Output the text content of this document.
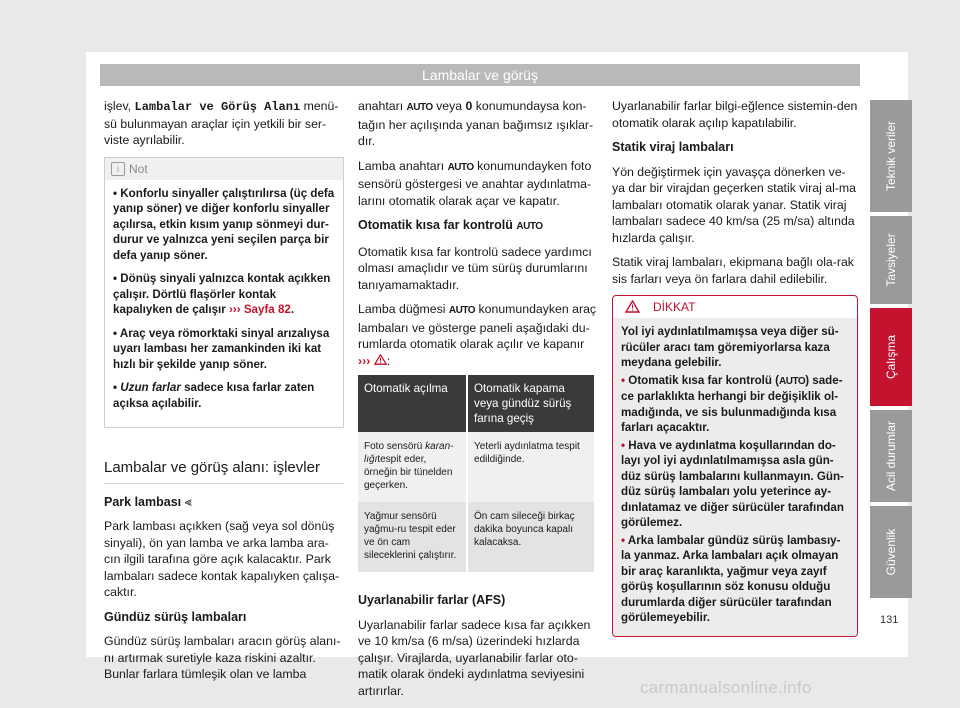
Lambalar ve görüş

işlev, Lambalar ve Görüş Alanı menü-sü bulunmayan araçlar için yetkili bir ser-viste ayrılabilir.

i Not

• Konforlu sinyaller çalıştırılırsa (üç defa yanıp söner) ve diğer konforlu sinyaller açılırsa, etkin kısım yanıp sönmeyi dur-durur ve yalnızca yeni seçilen parça bir defa yanıp söner.

• Dönüş sinyali yalnızca kontak açıkken çalışır. Dörtlü flaşörler kontak kapalıyken de çalışır ››› Sayfa 82.

• Araç veya römorktaki sinyal arızalıysa uyarı lambası her zamankinden iki kat hızlı bir şekilde yanıp söner.

• Uzun farlar sadece kısa farlar zaten açıksa açılabilir.

Lambalar ve görüş alanı: işlevler

Park lambası ⫷

Park lambası açıkken (sağ veya sol dönüş sinyali), ön yan lamba ve arka lamba ara-cın ilgili tarafına göre açık kalacaktır. Park lambaları sadece kontak kapalıyken çalışa-caktır.

Gündüz sürüş lambaları

Gündüz sürüş lambaları aracın görüş alanı-nı artırmak suretiyle kaza riskini azaltır. Bunlar farlara tümleşik olan ve lamba

anahtarı AUTO veya 0 konumundaysa kon-tağın her açılışında yanan bağımsız ışıklar-dır.

Lamba anahtarı AUTO konumundayken foto sensörü göstergesi ve anahtar aydınlatma-larını otomatik olarak açar ve kapatır.

Otomatik kısa far kontrolü AUTO

Otomatik kısa far kontrolü sadece yardımcı olması amaçlıdır ve tüm sürüş durumlarını tanıyamamaktadır.

Lamba düğmesi AUTO konumundayken araç lambaları ve gösterge paneli aşağıdaki du-rumlarda otomatik olarak açılır ve kapanır
››› :

Otomatik açılma	Otomatik kapama veya gündüz sürüş farına geçiş
Foto sensörü karan-lığıtespit eder, örneğin bir tünelden geçerken.	Yeterli aydınlatma tespit edildiğinde.
Yağmur sensörü yağmu-ru tespit eder ve ön cam sileceklerini çalıştırır.	Ön cam sileceği birkaç dakika boyunca kapalı kalacaksa.

Uyarlanabilir farlar (AFS)

Uyarlanabilir farlar sadece kısa far açıkken ve 10 km/sa (6 m/sa) üzerindeki hızlarda çalışır. Virajlarda, uyarlanabilir farlar oto-matik olarak öndeki aydınlatma seviyesini artırırlar.

Uyarlanabilir farlar bilgi-eğlence sistemin-den otomatik olarak açılıp kapatılabilir.

Statik viraj lambaları

Yön değiştirmek için yavaşça dönerken ve-ya dar bir virajdan geçerken statik viraj al-ma lambaları otomatik olarak yanar. Statik viraj lambaları sadece 40 km/sa (25 m/sa) altında hızlarda çalışır.

Statik viraj lambaları, ekipmana bağlı ola-rak sis farları veya ön farlara dahil edilebilir.

DİKKAT

Yol iyi aydınlatılmamışsa veya diğer sü-rücüler aracı tam göremiyorlarsa kaza meydana gelebilir.

• Otomatik kısa far kontrolü (AUTO) sade-ce parlaklıkta herhangi bir değişiklik ol-madığında, ve sis bulunmadığında kısa farları açacaktır.

• Hava ve aydınlatma koşullarından do-layı yol iyi aydınlatılmamışsa asla gün-düz sürüş lambalarını kullanmayın. Gün-düz sürüş lambaları yolu yeterince ay-dınlatamaz ve diğer sürücüler tarafından görülemez.

• Arka lambalar gündüz sürüş lambasıy-la yanmaz. Arka lambaları açık olmayan bir araç karanlıkta, yağmur veya zayıf görüş koşullarının söz konusu olduğu durumlarda diğer sürücüler tarafından görülemeyebilir.

Teknik veriler
Tavsiyeler
Çalışma
Acil durumlar
Güvenlik
131
carmanualsonline.info
